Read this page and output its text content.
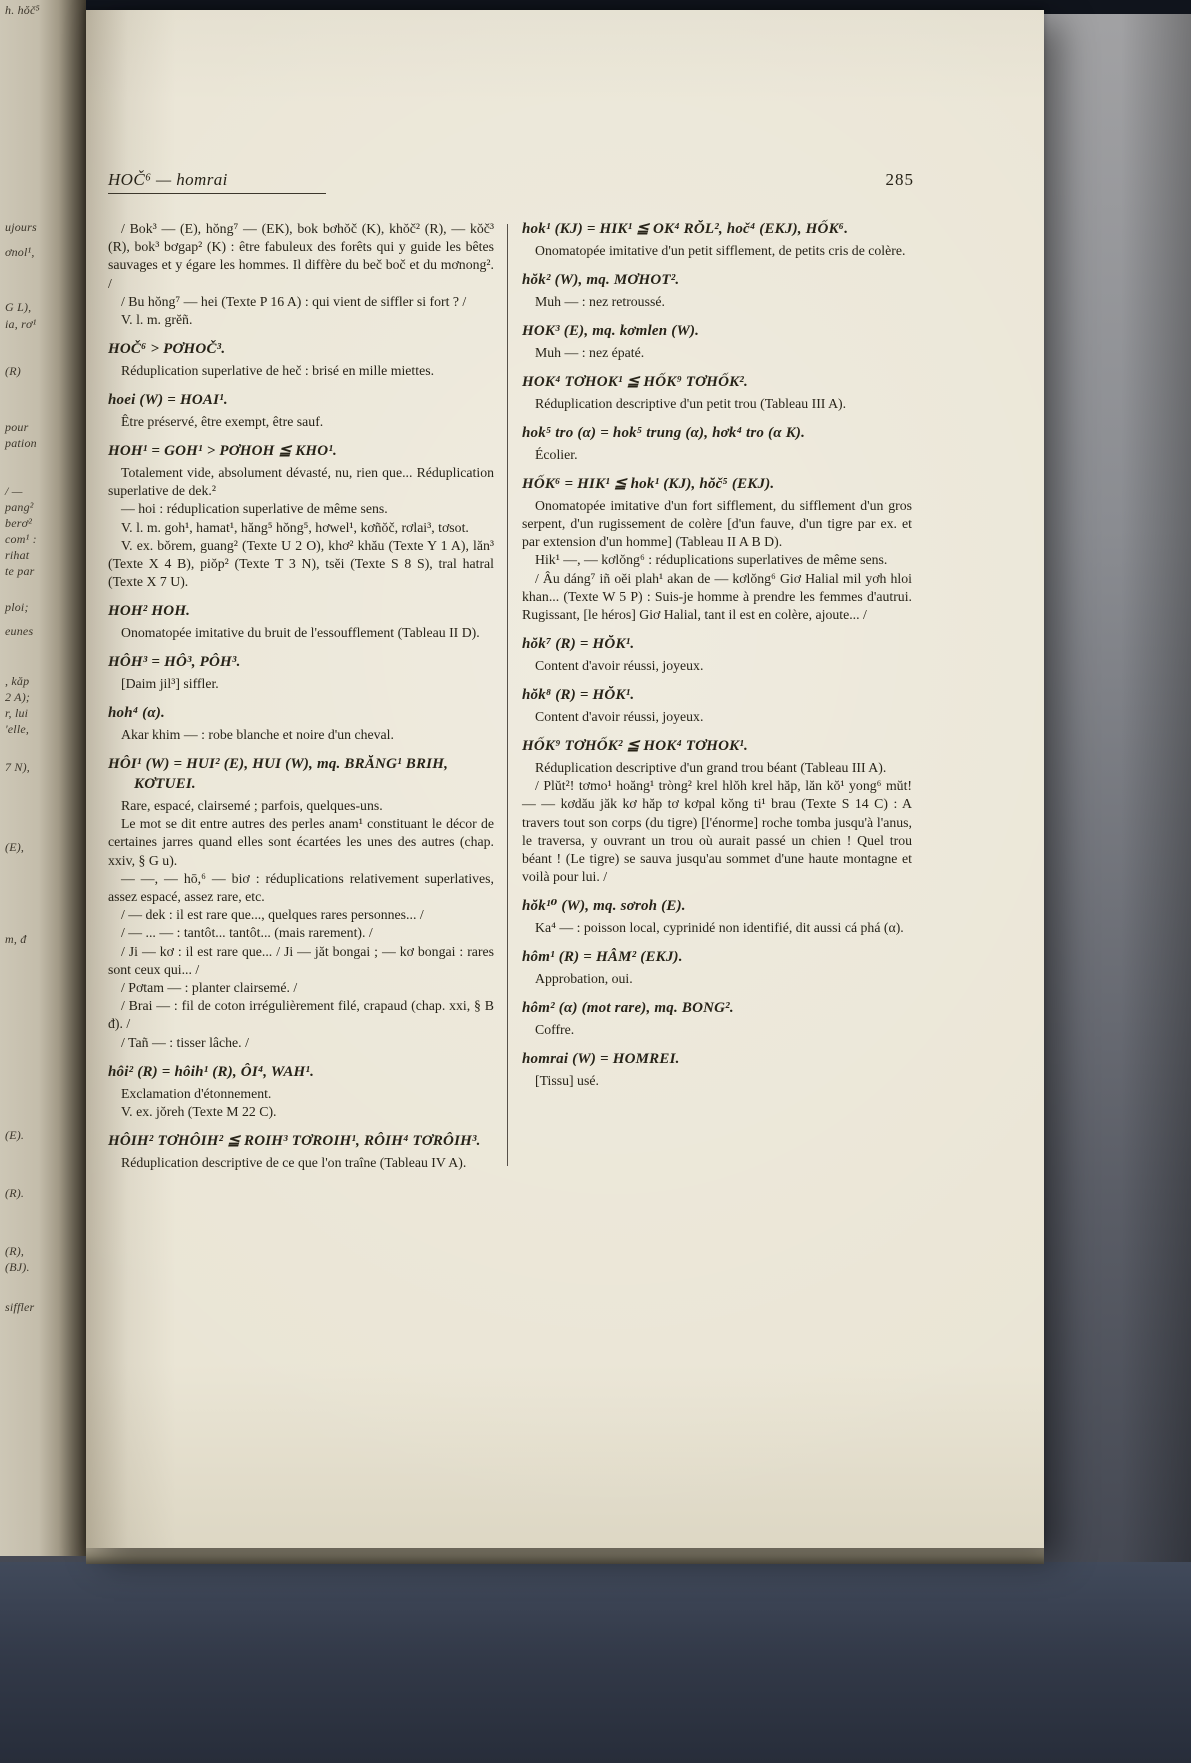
h. hŏč⁵
ujours
ơnol¹,
G L),
ia, rơ¹
(R)
pour
pation
/ —
pang²
berơ²
com¹ :
rihat
te par
ploi;
eunes
, kăp
2 A);
r, lui
'elle,
7 N),
(E),
m, đ
(E).
(R).
(R),
(BJ).
siffler
HOČ⁶ — homrai	285

/ Bok³ — (E), hŏng⁷ — (EK), bok bơhŏč (K), khŏč² (R), — kŏč³ (R), bok³ bơgap² (K) : être fabuleux des forêts qui y guide les bêtes sauvages et y égare les hommes. Il diffère du beč boč et du mơnong². /

/ Bu hŏng⁷ — hei (Texte P 16 A) : qui vient de siffler si fort ? /

V. l. m. grĕñ.

HOČ⁶ > PƠHOČ³.

Réduplication superlative de heč : brisé en mille miettes.

hoei (W) = HOAI¹.

Être préservé, être exempt, être sauf.

HOH¹ = GOH¹ > PƠHOH ≦ KHO¹.

Totalement vide, absolument dévasté, nu, rien que... Réduplication superlative de dek.²

— hoi : réduplication superlative de même sens.

V. l. m. goh¹, hamat¹, hăng⁵ hŏng⁵, hơwel¹, kơñŏč, rơlai³, tơsot.

V. ex. bŏrem, guang² (Texte U 2 O), khơ² khău (Texte Y 1 A), lăn³ (Texte X 4 B), piŏp² (Texte T 3 N), tsĕi (Texte S 8 S), tral hatral (Texte X 7 U).

HOH² HOH.

Onomatopée imitative du bruit de l'essoufflement (Tableau II D).

HÔH³ = HÔ³, PÔH³.

[Daim jil³] siffler.

hoh⁴ (α).

Akar khim — : robe blanche et noire d'un cheval.

HÔI¹ (W) = HUI² (E), HUI (W), mq. BRĂNG¹ BRIH, KƠTUEI.

Rare, espacé, clairsemé ; parfois, quelques-uns.

Le mot se dit entre autres des perles anam¹ constituant le décor de certaines jarres quand elles sont écartées les unes des autres (chap. xxiv, § G u).

— —, — hō,⁶ — biơ : réduplications relativement superlatives, assez espacé, assez rare, etc.

/ — dek : il est rare que..., quelques rares personnes... /

/ — ... — : tantôt... tantôt... (mais rarement). /

/ Ji — kơ : il est rare que... / Ji — jăt bongai ; — kơ bongai : rares sont ceux qui... /

/ Pơtam — : planter clairsemé. /

/ Brai — : fil de coton irrégulièrement filé, crapaud (chap. xxi, § B đ). /

/ Tañ — : tisser lâche. /

hôi² (R) = hôih¹ (R), ÔI⁴, WAH¹.

Exclamation d'étonnement.

V. ex. jŏreh (Texte M 22 C).

HÔIH² TƠHÔIH² ≦ ROIH³ TƠROIH¹, RÔIH⁴ TƠRÔIH³.

Réduplication descriptive de ce que l'on traîne (Tableau IV A).

hok¹ (KJ) = HIK¹ ≦ OK⁴ RŎL², hoč⁴ (EKJ), HỐK⁶.

Onomatopée imitative d'un petit sifflement, de petits cris de colère.

hŏk² (W), mq. MƠHOT².

Muh — : nez retroussé.

HOK³ (E), mq. kơmlen (W).

Muh — : nez épaté.

HOK⁴ TƠHOK¹ ≦ HỐK⁹ TƠHỐK².

Réduplication descriptive d'un petit trou (Tableau III A).

hok⁵ tro (α) = hok⁵ trung (α), hơk⁴ tro (α K).

Écolier.

HỐK⁶ = HIK¹ ≦ hok¹ (KJ), hŏč⁵ (EKJ).

Onomatopée imitative d'un fort sifflement, du sifflement d'un gros serpent, d'un rugissement de colère [d'un fauve, d'un tigre par ex. et par extension d'un homme] (Tableau II A B D).

Hik¹ —, — kơlŏng⁶ : réduplications superlatives de même sens.

/ Âu dáng⁷ iñ oĕi plah¹ akan de — kơlŏng⁶ Giơ Halial mil yơh hloi khan... (Texte W 5 P) : Suis-je homme à prendre les femmes d'autrui. Rugissant, [le héros] Giơ Halial, tant il est en colère, ajoute... /

hŏk⁷ (R) = HŎK¹.

Content d'avoir réussi, joyeux.

hŏk⁸ (R) = HŎK¹.

Content d'avoir réussi, joyeux.

HỐK⁹ TƠHỐK² ≦ HOK⁴ TƠHOK¹.

Réduplication descriptive d'un grand trou béant (Tableau III A).

/ Plŭt²! tơmo¹ hoăng¹ tròng² krel hlŏh krel hăp, lăn kŏ¹ yong⁶ mŭt! — — kơdău jăk kơ hăp tơ kơpal kŏng ti¹ brau (Texte S 14 C) : A travers tout son corps (du tigre) [l'énorme] roche tomba jusqu'à l'anus, le traversa, y ouvrant un trou où aurait passé un chien ! Quel trou béant ! (Le tigre) se sauva jusqu'au sommet d'une haute montagne et voilà pour lui. /

hŏk¹⁰ (W), mq. sơroh (E).

Ka⁴ — : poisson local, cyprinidé non identifié, dit aussi cá phá (α).

hôm¹ (R) = HÂM² (EKJ).

Approbation, oui.

hôm² (α) (mot rare), mq. BONG².

Coffre.

homrai (W) = HOMREI.

[Tissu] usé.
